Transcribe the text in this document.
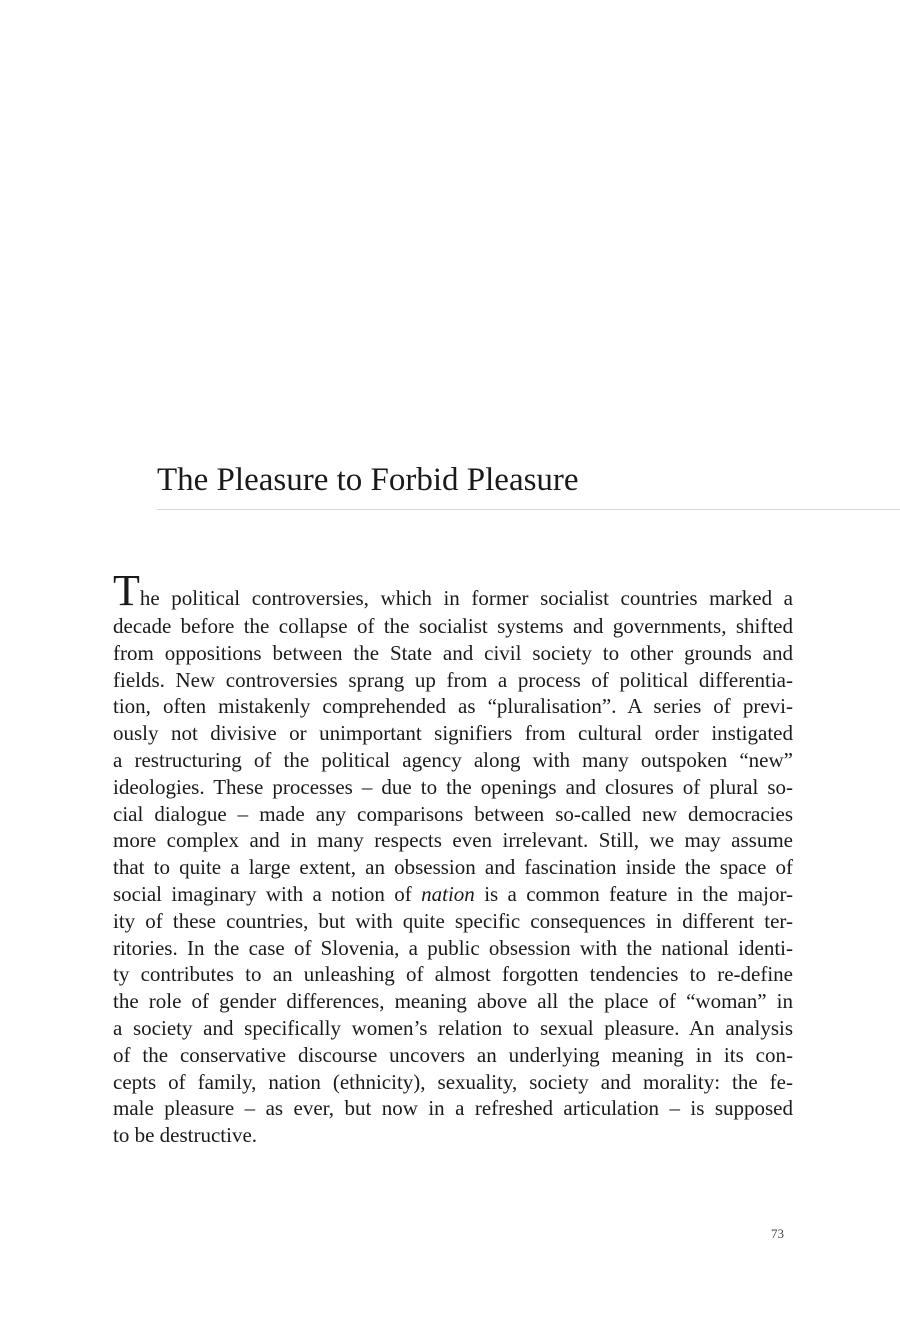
The Pleasure to Forbid Pleasure
The political controversies, which in former socialist countries marked a
decade before the collapse of the socialist systems and governments, shifted
from oppositions between the State and civil society to other grounds and
fields. New controversies sprang up from a process of political differentia-
tion, often mistakenly comprehended as “pluralisation”. A series of previ-
ously not divisive or unimportant signifiers from cultural order instigated
a restructuring of the political agency along with many outspoken “new”
ideologies. These processes – due to the openings and closures of plural so-
cial dialogue – made any comparisons between so-called new democracies
more complex and in many respects even irrelevant. Still, we may assume
that to quite a large extent, an obsession and fascination inside the space of
social imaginary with a notion of nation is a common feature in the major-
ity of these countries, but with quite specific consequences in different ter-
ritories. In the case of Slovenia, a public obsession with the national identi-
ty contributes to an unleashing of almost forgotten tendencies to re-define
the role of gender differences, meaning above all the place of “woman” in
a society and specifically women’s relation to sexual pleasure. An analysis
of the conservative discourse uncovers an underlying meaning in its con-
cepts of family, nation (ethnicity), sexuality, society and morality: the fe-
male pleasure – as ever, but now in a refreshed articulation – is supposed
to be destructive.
73
